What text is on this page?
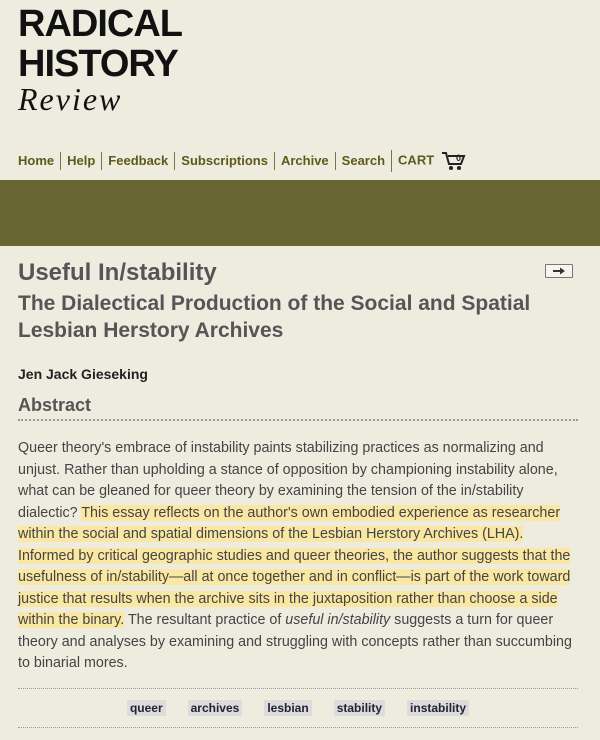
RADICAL
HISTORY
Review
Home	Help	Feedback	Subscriptions	Archive	Search	CART 0
Useful In/stability
The Dialectical Production of the Social and Spatial Lesbian Herstory Archives
Jen Jack Gieseking
Abstract
Queer theory's embrace of instability paints stabilizing practices as normalizing and unjust. Rather than upholding a stance of opposition by championing instability alone, what can be gleaned for queer theory by examining the tension of the in/stability dialectic? This essay reflects on the author's own embodied experience as researcher within the social and spatial dimensions of the Lesbian Herstory Archives (LHA). Informed by critical geographic studies and queer theories, the author suggests that the usefulness of in/stability—all at once together and in conflict—is part of the work toward justice that results when the archive sits in the juxtaposition rather than choose a side within the binary. The resultant practice of useful in/stability suggests a turn for queer theory and analyses by examining and struggling with concepts rather than succumbing to binarial mores.
queer archives lesbian stability instability
